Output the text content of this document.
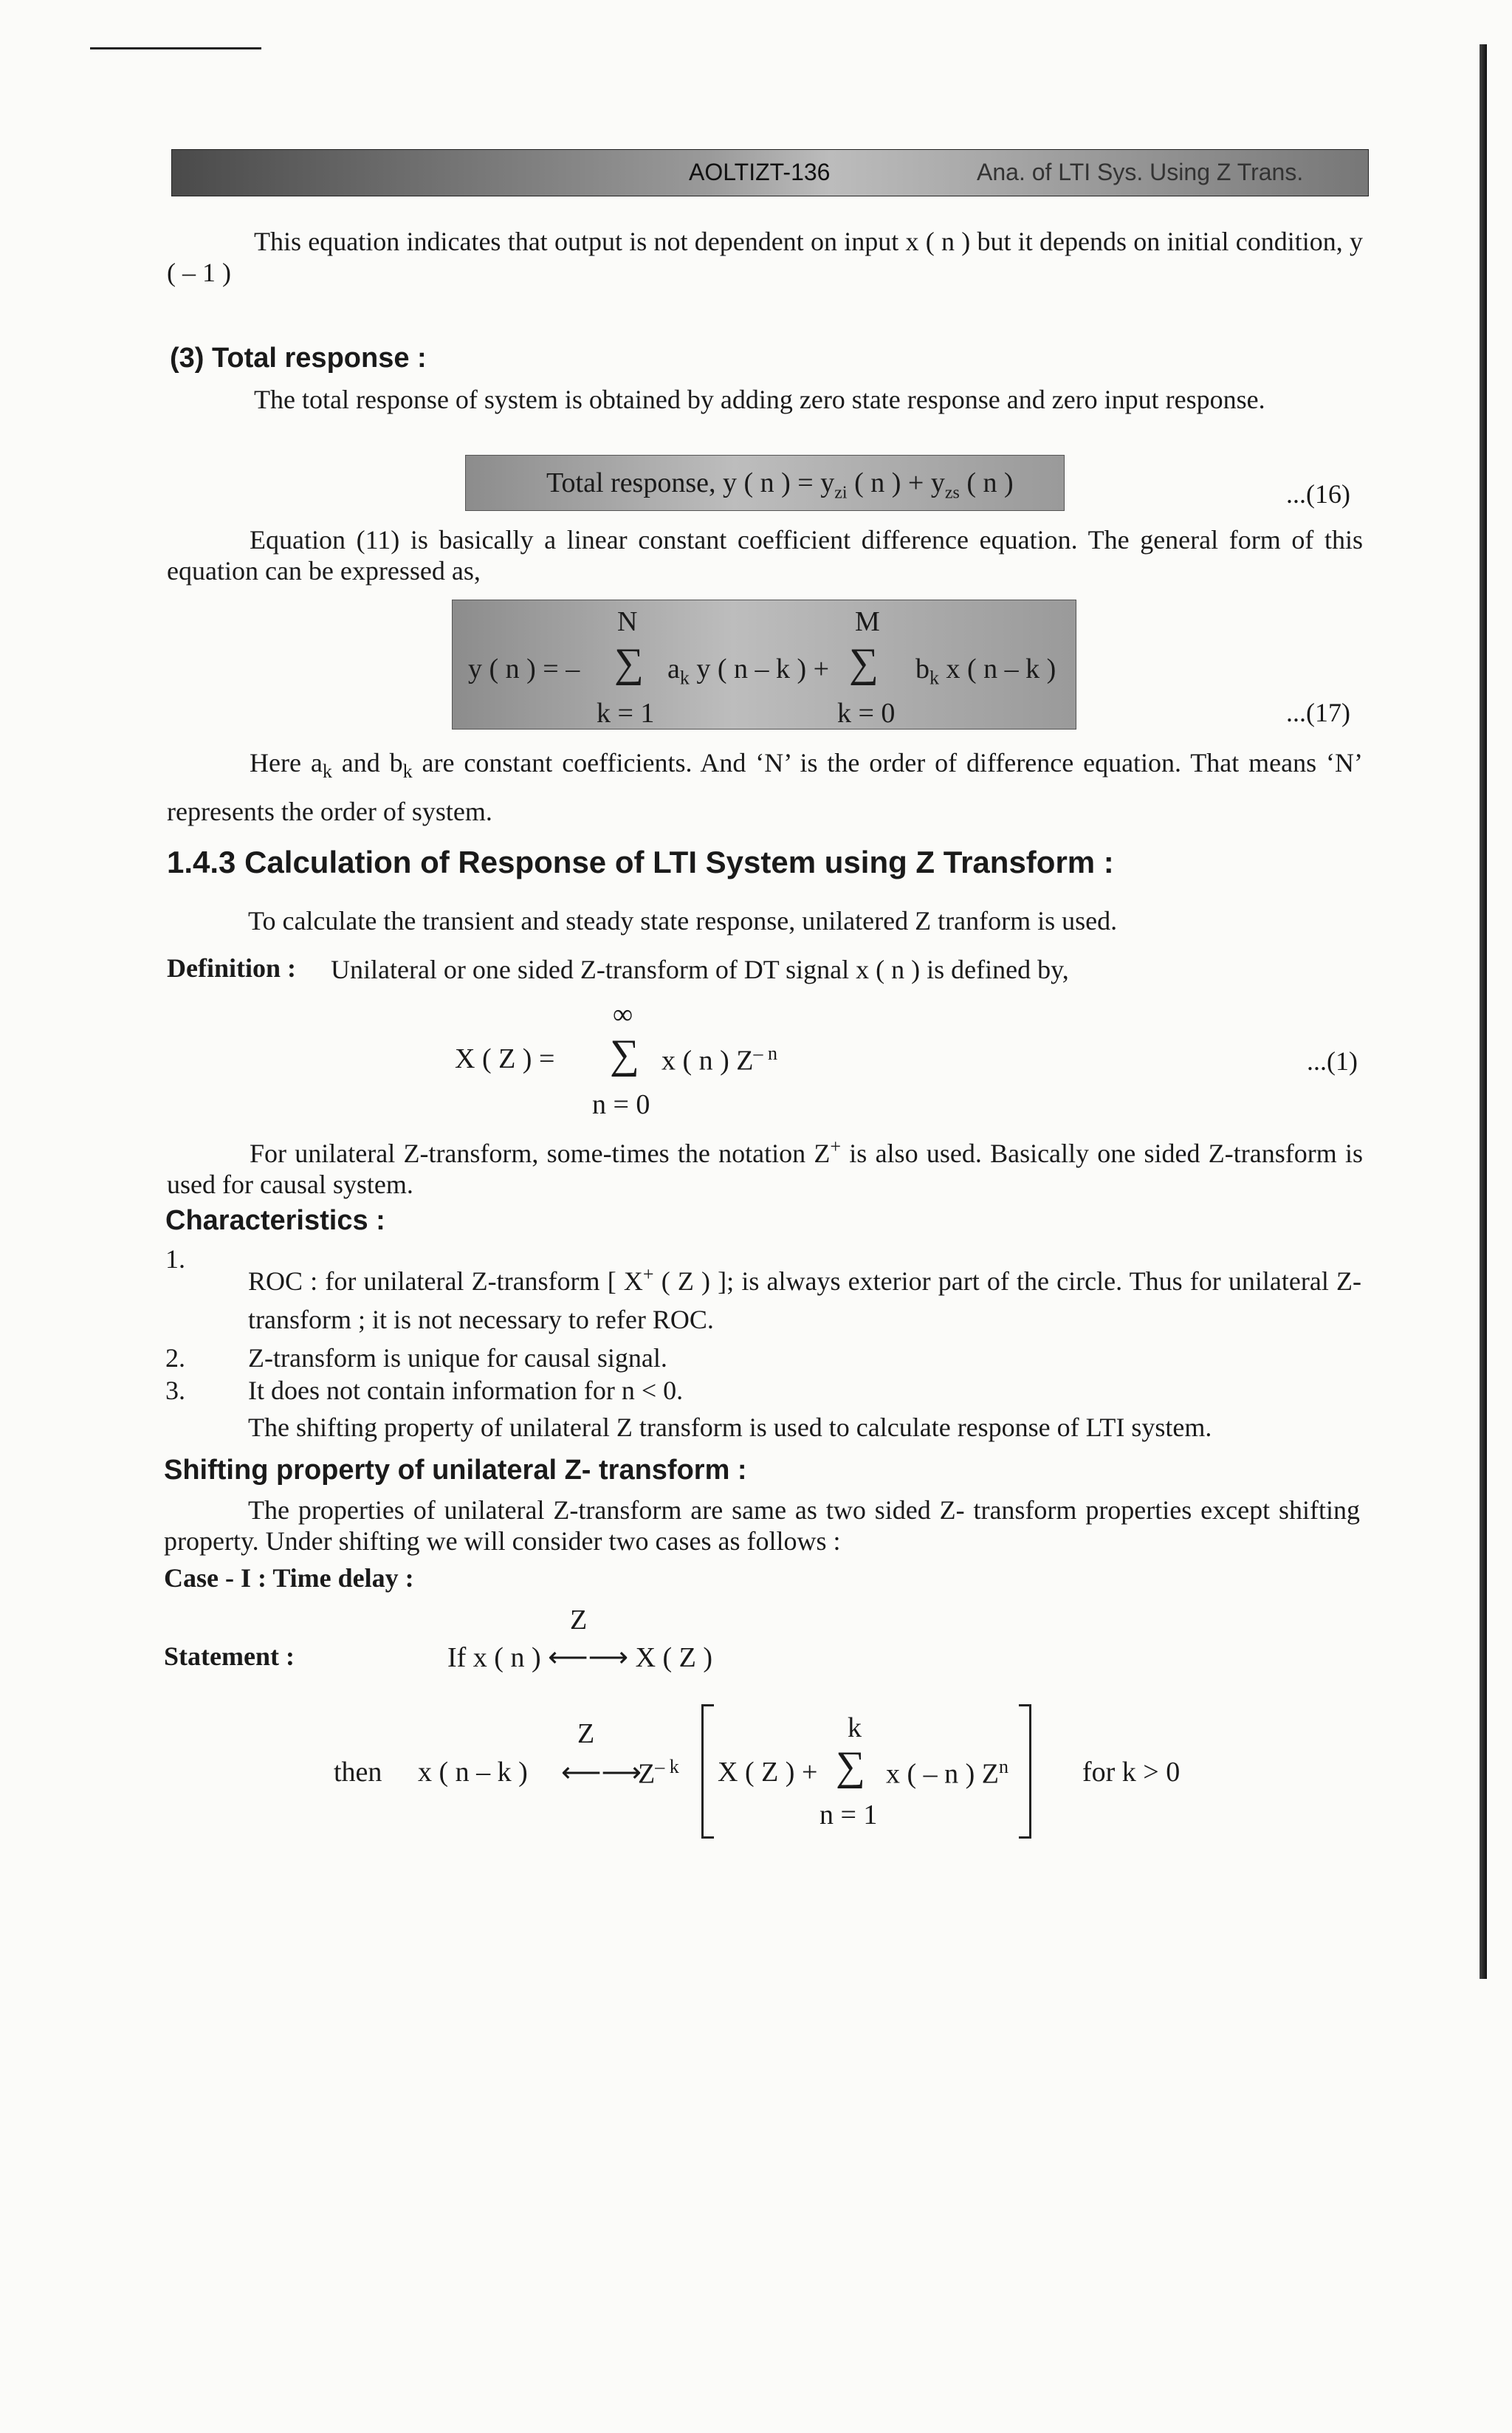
AOLTIZT-136	Ana. of LTI Sys. Using Z Trans.
This equation indicates that output is not dependent on input x ( n ) but it depends on initial condition, y ( – 1 )
(3) Total response :
The total response of system is obtained by adding zero state response and zero input response.
Total response, y ( n ) = $y_{zi}$ ( n ) + $y_{zs}$ ( n )	...(16)
Equation (11) is basically a linear constant coefficient difference equation. The general form of this equation can be expressed as,
N	M
y ( n ) = – ∑ $a_k$ y ( n – k ) + ∑ $b_k$ x ( n – k )
k = 1	k = 0	...(17)
Here $a_k$ and $b_k$ are constant coefficients. And ‘N’ is the order of difference equation. That means ‘N’ represents the order of system.
1.4.3 Calculation of Response of LTI System using Z Transform :
To calculate the transient and steady state response, unilatered Z tranform is used.
Definition : Unilateral or one sided Z-transform of DT signal x ( n ) is defined by,
∞
X ( Z ) = ∑ x ( n ) $Z^{- n}$
n = 0
...(1)
For unilateral Z-transform, some-times the notation Z+ is also used. Basically one sided Z-transform is used for causal system.
Characteristics :
1.
ROC : for unilateral Z-transform [ X+ ( Z ) ]; is always exterior part of the circle. Thus for unilateral Z-transform ; it is not necessary to refer ROC.
2. Z-transform is unique for causal signal.
3. It does not contain information for n < 0.
The shifting property of unilateral Z transform is used to calculate response of LTI system.
Shifting property of unilateral Z- transform :
The properties of unilateral Z-transform are same as two sided Z- transform properties except shifting property. Under shifting we will consider two cases as follows :
Case - I : Time delay :
Z
Statement :	If x ( n ) ⟵⟶ X ( Z )
Z	k
then x ( n – k ) ⟵⟶
$Z^{- k}$ X ( Z ) + ∑ x ( – n ) $Z^n$
n = 1
for k > 0
